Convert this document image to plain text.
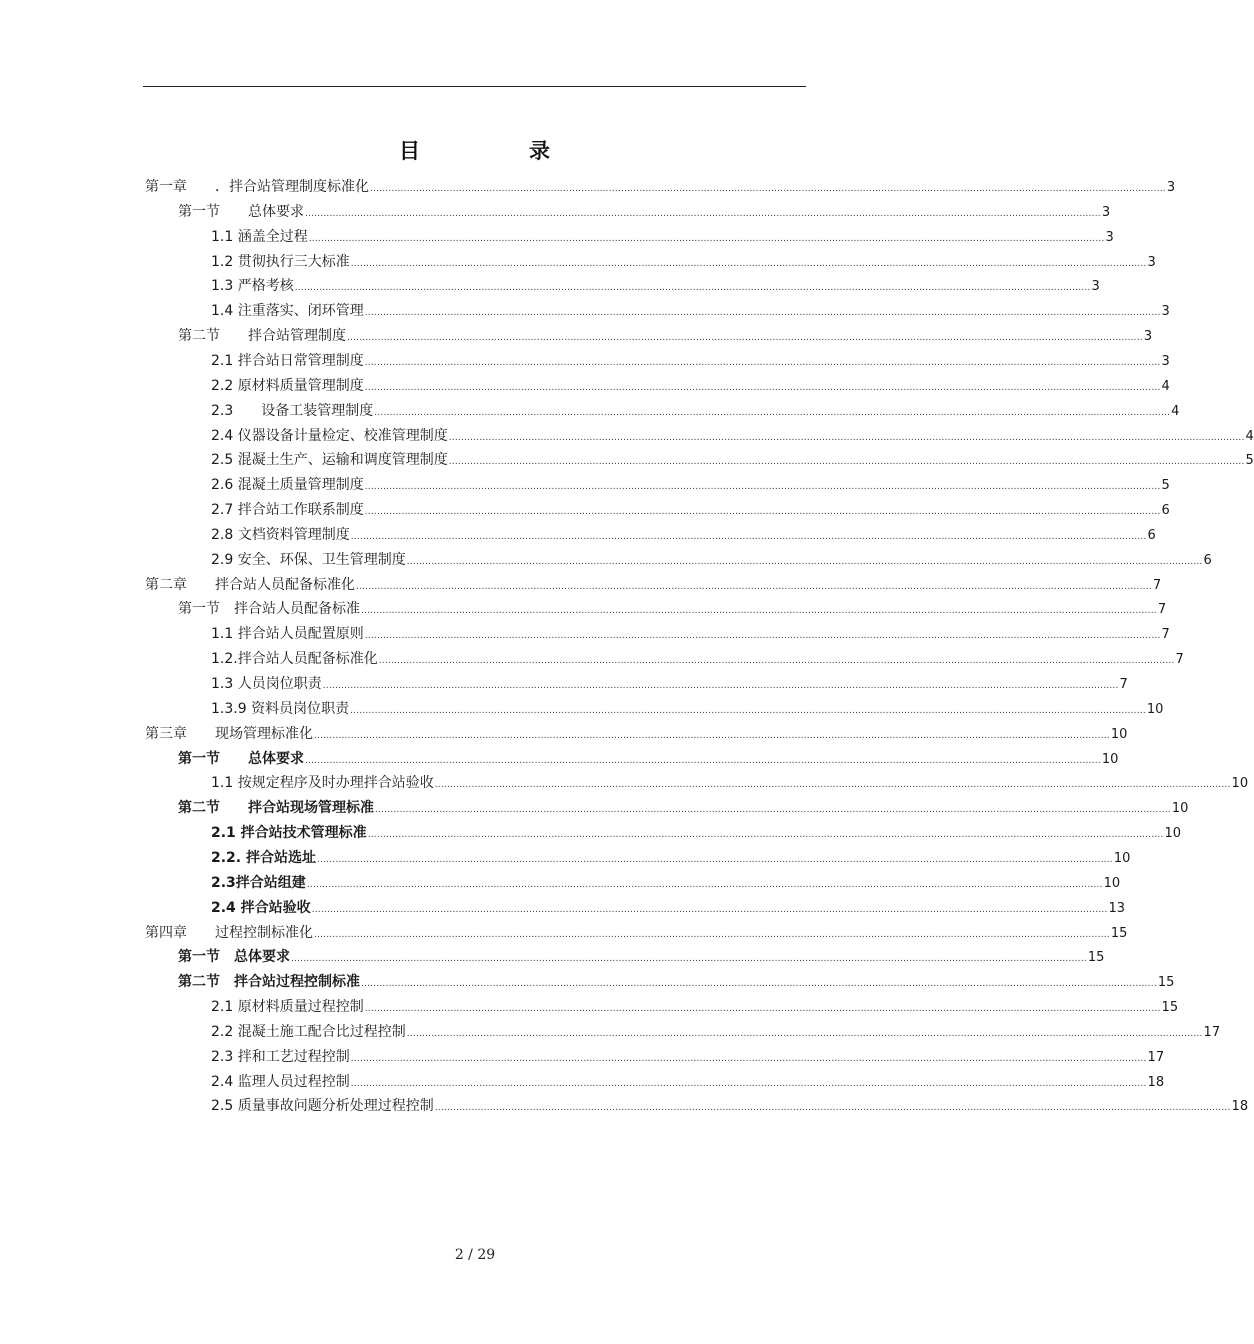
目　录
第一章　　．拌合站管理制度标准化 .................................................................................................................................................................................................................................................................... 3
第一节　　总体要求 .................................................................................................................................................................................................................................................................... 3
1.1 涵盖全过程 .................................................................................................................................................................................................................................................................... 3
1.2 贯彻执行三大标准 .................................................................................................................................................................................................................................................................... 3
1.3 严格考核 .................................................................................................................................................................................................................................................................... 3
1.4 注重落实、闭环管理 .................................................................................................................................................................................................................................................................... 3
第二节　　拌合站管理制度 .................................................................................................................................................................................................................................................................... 3
2.1 拌合站日常管理制度 .................................................................................................................................................................................................................................................................... 3
2.2 原材料质量管理制度 .................................................................................................................................................................................................................................................................... 4
2.3　　设备工装管理制度 .................................................................................................................................................................................................................................................................... 4
2.4 仪器设备计量检定、校准管理制度 .................................................................................................................................................................................................................................................................... 4
2.5 混凝土生产、运输和调度管理制度 .................................................................................................................................................................................................................................................................... 5
2.6 混凝土质量管理制度 .................................................................................................................................................................................................................................................................... 5
2.7 拌合站工作联系制度 .................................................................................................................................................................................................................................................................... 6
2.8 文档资料管理制度 .................................................................................................................................................................................................................................................................... 6
2.9 安全、环保、卫生管理制度 .................................................................................................................................................................................................................................................................... 6
第二章　　拌合站人员配备标准化 .................................................................................................................................................................................................................................................................... 7
第一节　拌合站人员配备标准 .................................................................................................................................................................................................................................................................... 7
1.1 拌合站人员配置原则 .................................................................................................................................................................................................................................................................... 7
1.2.拌合站人员配备标准化 .................................................................................................................................................................................................................................................................... 7
1.3 人员岗位职责 .................................................................................................................................................................................................................................................................... 7
1.3.9 资料员岗位职责 .................................................................................................................................................................................................................................................................... 10
第三章　　现场管理标准化 .................................................................................................................................................................................................................................................................... 10
第一节　　总体要求 .................................................................................................................................................................................................................................................................... 10
1.1 按规定程序及时办理拌合站验收 .................................................................................................................................................................................................................................................................... 10
第二节　　拌合站现场管理标准 .................................................................................................................................................................................................................................................................... 10
2.1 拌合站技术管理标准 .................................................................................................................................................................................................................................................................... 10
2.2. 拌合站选址 .................................................................................................................................................................................................................................................................... 10
2.3拌合站组建 .................................................................................................................................................................................................................................................................... 10
2.4 拌合站验收 .................................................................................................................................................................................................................................................................... 13
第四章　　过程控制标准化 .................................................................................................................................................................................................................................................................... 15
第一节　总体要求 .................................................................................................................................................................................................................................................................... 15
第二节　拌合站过程控制标准 .................................................................................................................................................................................................................................................................... 15
2.1 原材料质量过程控制 .................................................................................................................................................................................................................................................................... 15
2.2 混凝土施工配合比过程控制 .................................................................................................................................................................................................................................................................... 17
2.3 拌和工艺过程控制 .................................................................................................................................................................................................................................................................... 17
2.4 监理人员过程控制 .................................................................................................................................................................................................................................................................... 18
2.5 质量事故问题分析处理过程控制 .................................................................................................................................................................................................................................................................... 18
2 / 29
